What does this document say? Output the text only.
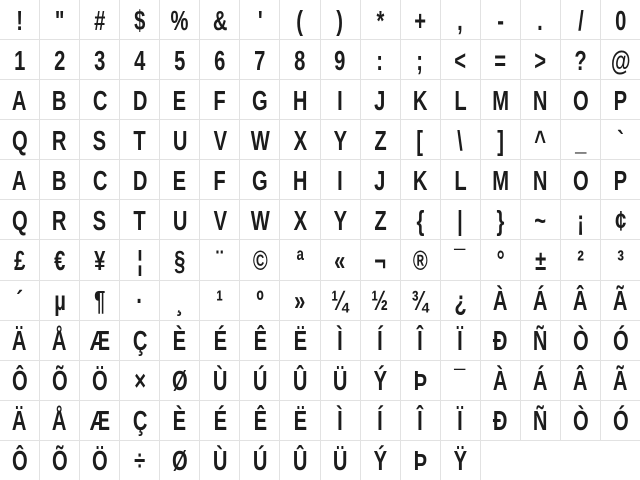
! " # $ % & ' ( ) * + , - . / 0
1 2 3 4 5 6 7 8 9 : ; < = > ? @
A B C D E F G H I J K L M N O P
Q R S T U V W X Y Z [ \ ] ^ _ `
A B C D E F G H I J K L M N O P
Q R S T U V W X Y Z { | } ~ ¡ ¢
£ € ¥ ¦ § ¨ © ª « ¬ ® ¯ ° ± ² ³
´ µ ¶ · ¸ ¹ º » ¼ ½ ¾ ¿ À Á Â Ã
Ä Å Æ Ç È É Ê Ë Ì Í Î Ï Ð Ñ Ò Ó
Ô Õ Ö × Ø Ù Ú Û Ü Ý Þ ¯ À Á Â Ã
Ä Å Æ Ç È É Ê Ë Ì Í Î Ï Ð Ñ Ò Ó
Ô Õ Ö ÷ Ø Ù Ú Û Ü Ý Þ Ÿ
